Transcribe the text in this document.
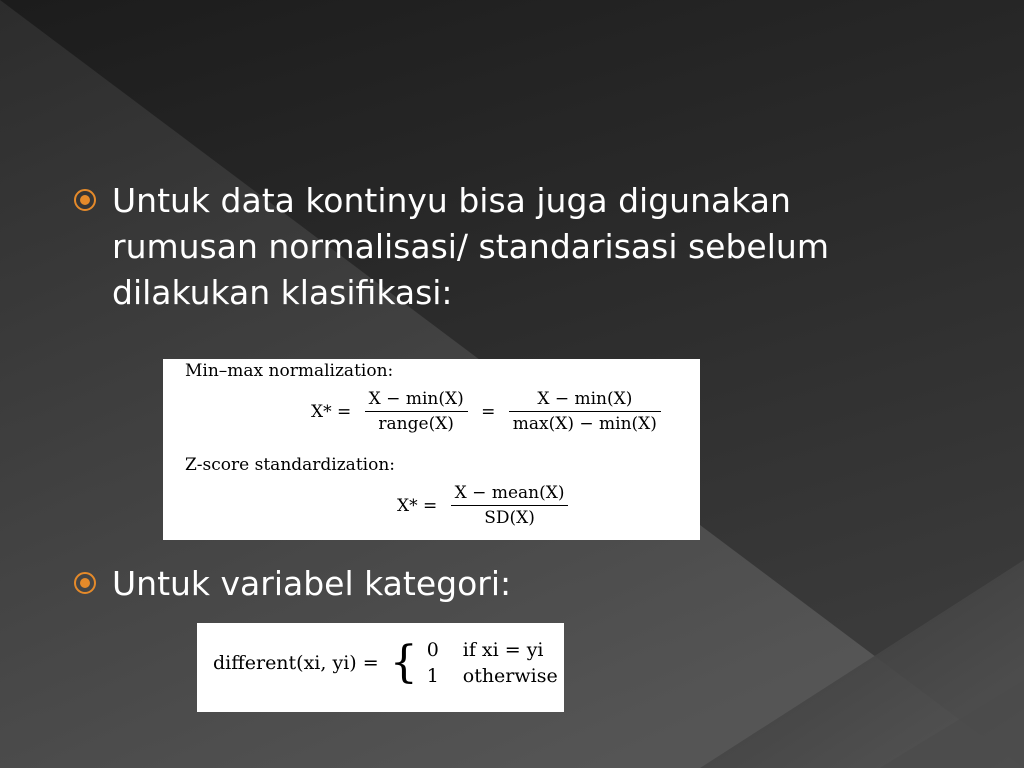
Untuk data kontinyu bisa juga digunakan rumusan normalisasi/ standarisasi sebelum dilakukan klasifikasi:
Min–max normalization:
$X* = \frac{X - \min(X)}{\text{range(X)}} = \frac{X - \min(X)}{\max(X) - \min(X)}$
Z-score standardization:
$X* = \frac{\text{X − mean(X)}}{SD(X)}$
Untuk variabel kategori:
different(xi, yi) = { 0	if xi = yi
1	otherwise
